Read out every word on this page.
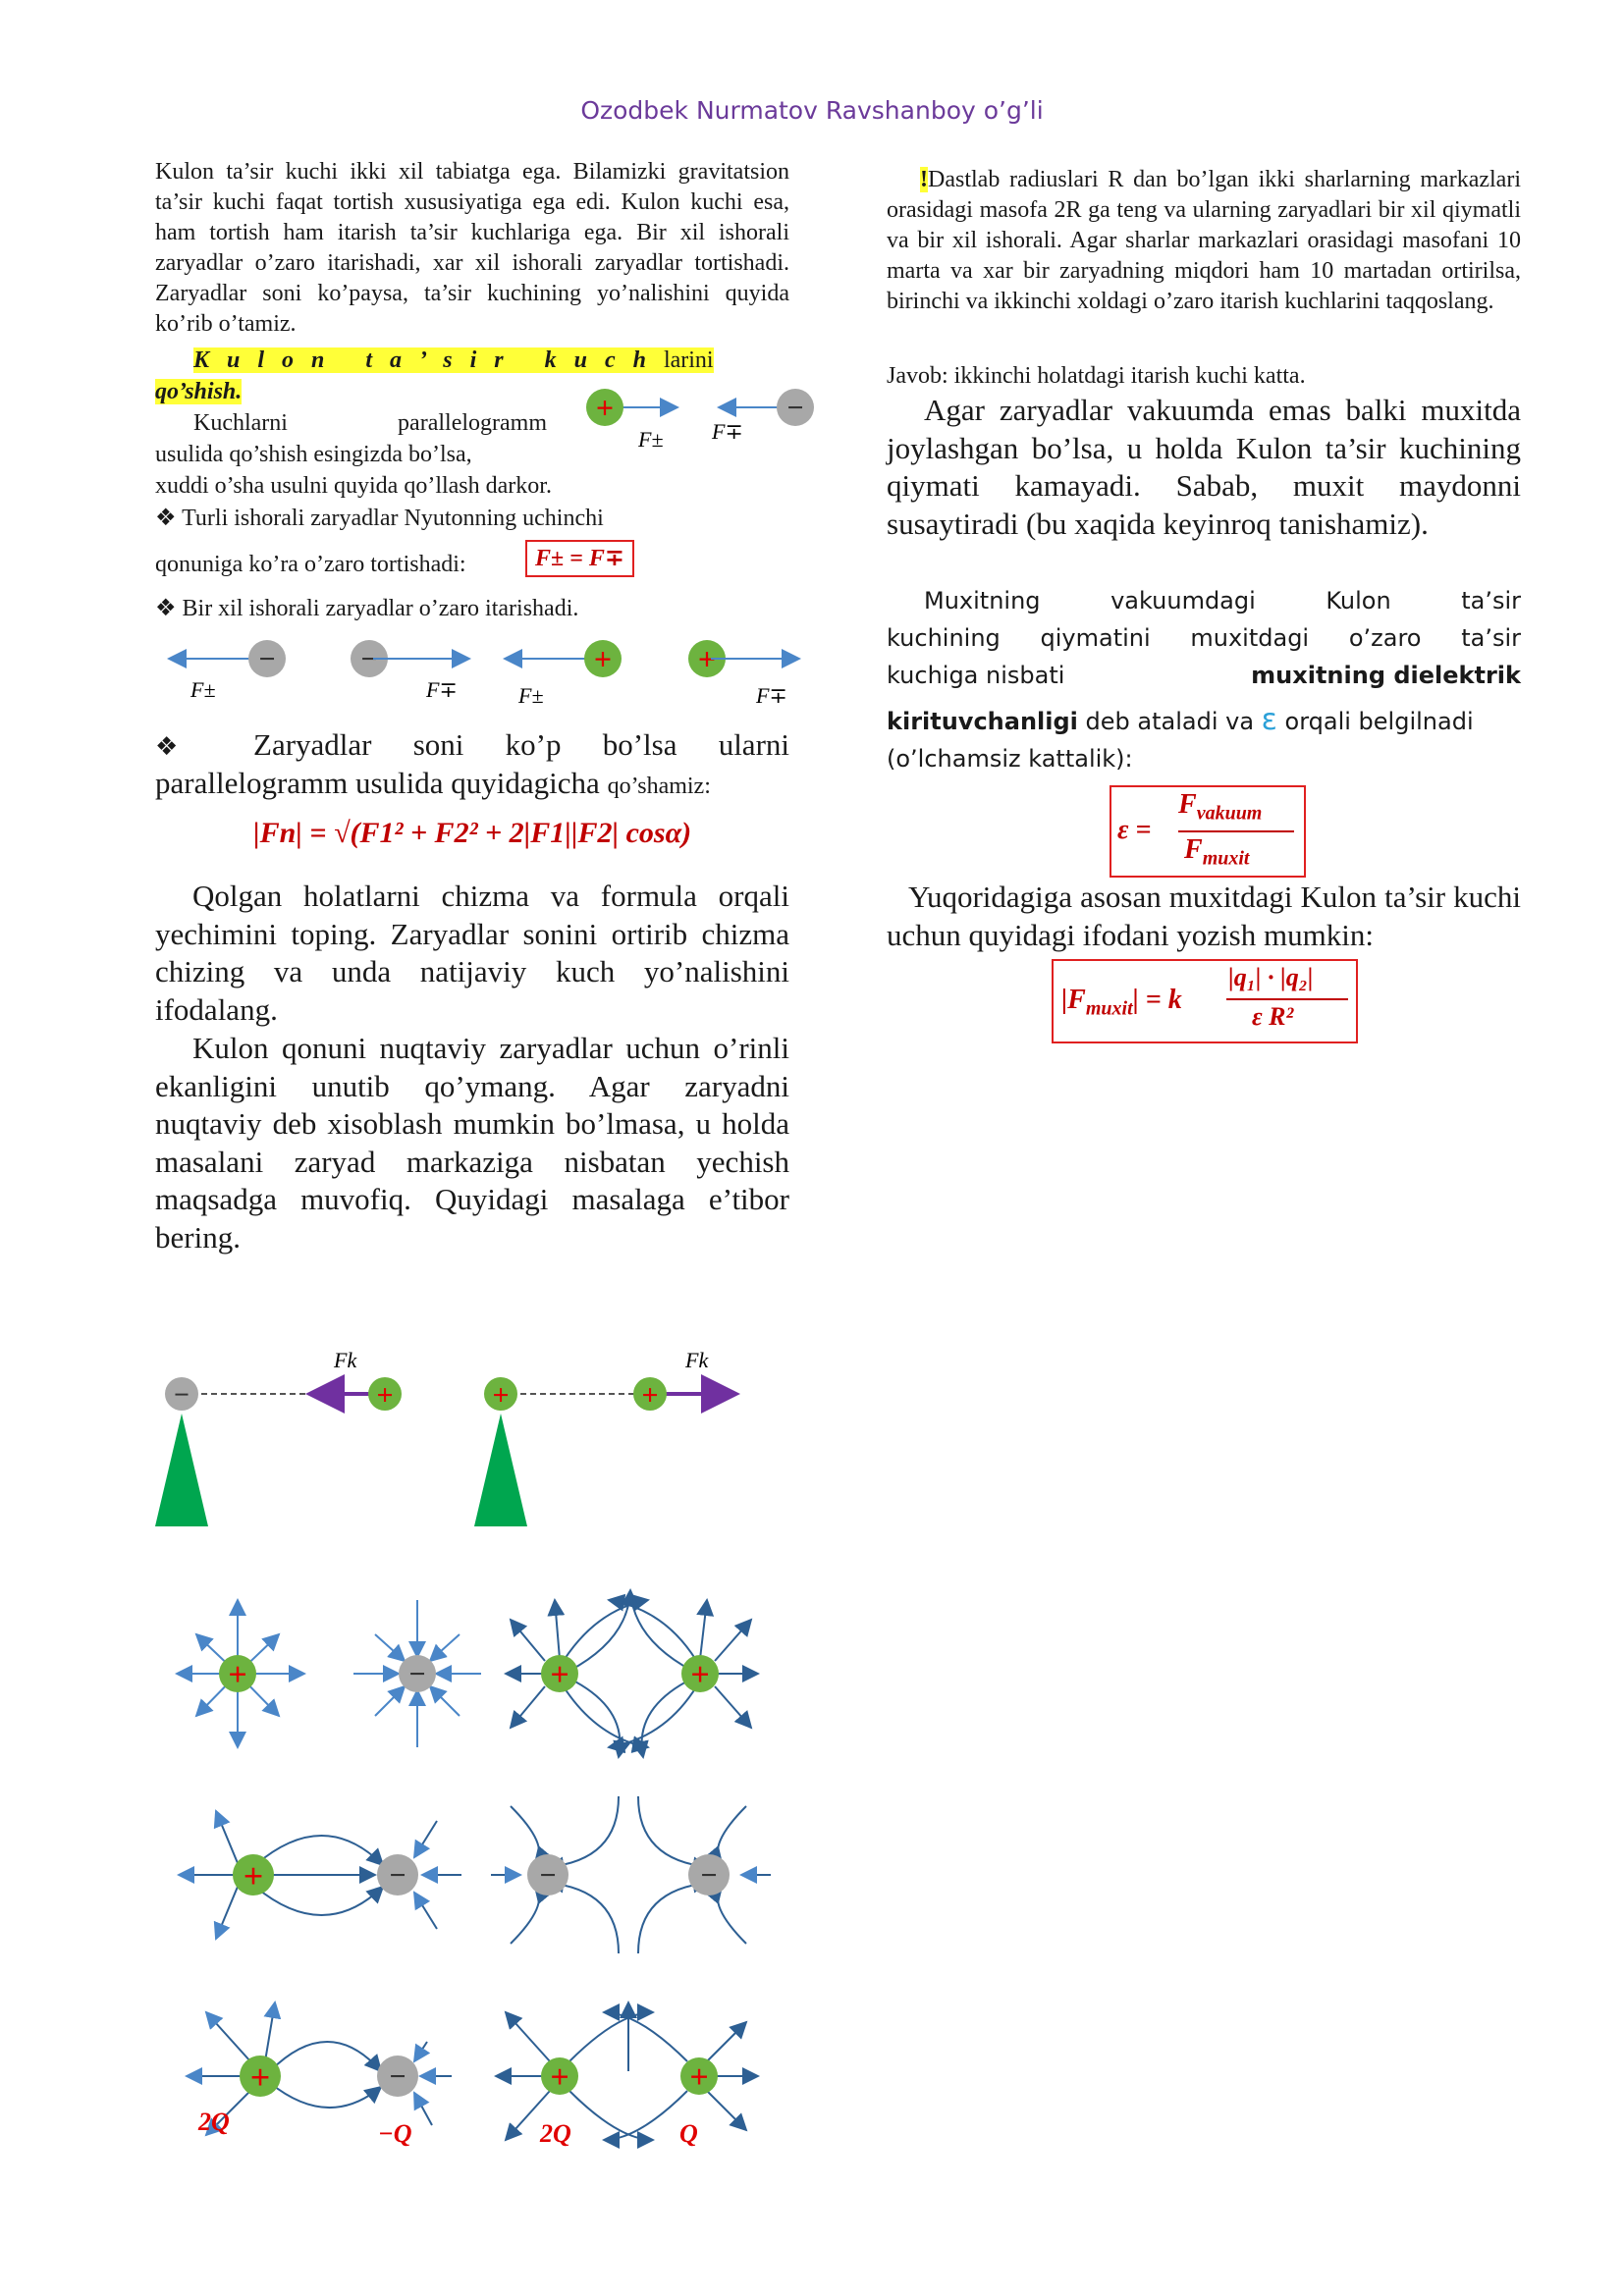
Ozodbek Nurmatov Ravshanboy o’g’li
Kulon ta’sir kuchi ikki xil tabiatga ega. Bilamizki gravitatsion ta’sir kuchi faqat tortish xususiyatiga ega edi. Kulon kuchi esa, ham tortish ham itarish ta’sir kuchlariga ega. Bir xil ishorali zaryadlar o’zaro itarishadi, xar xil ishorali zaryadlar tortishadi. Zaryadlar soni ko’paysa, ta’sir kuchining yo’nalishini quyida ko’rib o’tamiz.
Kulon ta’sir kuchlarini
qo’shish.
Kuchlarni parallelogramm
usulida qo’shish esingizda bo’lsa,
xuddi o’sha usulni quyida qo’llash darkor.
❖ Turli ishorali zaryadlar Nyutonning uchinchi
qonuniga ko’ra o’zaro tortishadi:	F± = F∓
❖ Bir xil ishorali zaryadlar o’zaro itarishadi.
+	−
F± F∓
−	−	+	+
F±	F∓	F±	F∓
❖ Zaryadlar soni ko’p bo’lsa ularni
parallelogramm usulida quyidagicha qo’shamiz:
|Fn| = √(F1² + F2² + 2|F1||F2| cosα)
Qolgan holatlarni chizma va formula orqali yechimini toping. Zaryadlar sonini ortirib chizma chizing va unda natijaviy kuch yo’nalishini ifodalang.
Kulon qonuni nuqtaviy zaryadlar uchun o’rinli ekanligini unutib qo’ymang. Agar zaryadni nuqtaviy deb xisoblash mumkin bo’lmasa, u holda masalani zaryad markaziga nisbatan yechish maqsadga muvofiq. Quyidagi masalaga e’tibor bering.
−	+
Fk
+	+
Fk
+	−	+	+
+	−	−	−
+	−	+	+
2Q	−Q	2Q	Q
!Dastlab radiuslari R dan bo’lgan ikki sharlarning markazlari orasidagi masofa 2R ga teng va ularning zaryadlari bir xil qiymatli va bir xil ishorali. Agar sharlar markazlari orasidagi masofani 10 marta va xar bir zaryadning miqdori ham 10 martadan ortirilsa, birinchi va ikkinchi xoldagi o’zaro itarish kuchlarini taqqoslang.
Javob: ikkinchi holatdagi itarish kuchi katta.
Agar zaryadlar vakuumda emas balki muxitda joylashgan bo’lsa, u holda Kulon ta’sir kuchining qiymati kamayadi. Sabab, muxit maydonni susaytiradi (bu xaqida keyinroq tanishamiz).
Muxitning vakuumdagi Kulon ta’sir
kuchining qiymatini muxitdagi o’zaro ta’sir
kuchiga nisbati	muxitning dielektrik
kirituvchanligi deb ataladi va ε orqali belgilnadi
(o’lchamsiz kattalik):
ε =
$F_{vakuum}$
$F_{muxit}$
Yuqoridagiga asosan muxitdagi Kulon ta’sir kuchi uchun quyidagi ifodani yozish mumkin:
$|F_{muxit}| = k$
|q₁| · |q₂|
ε R²
